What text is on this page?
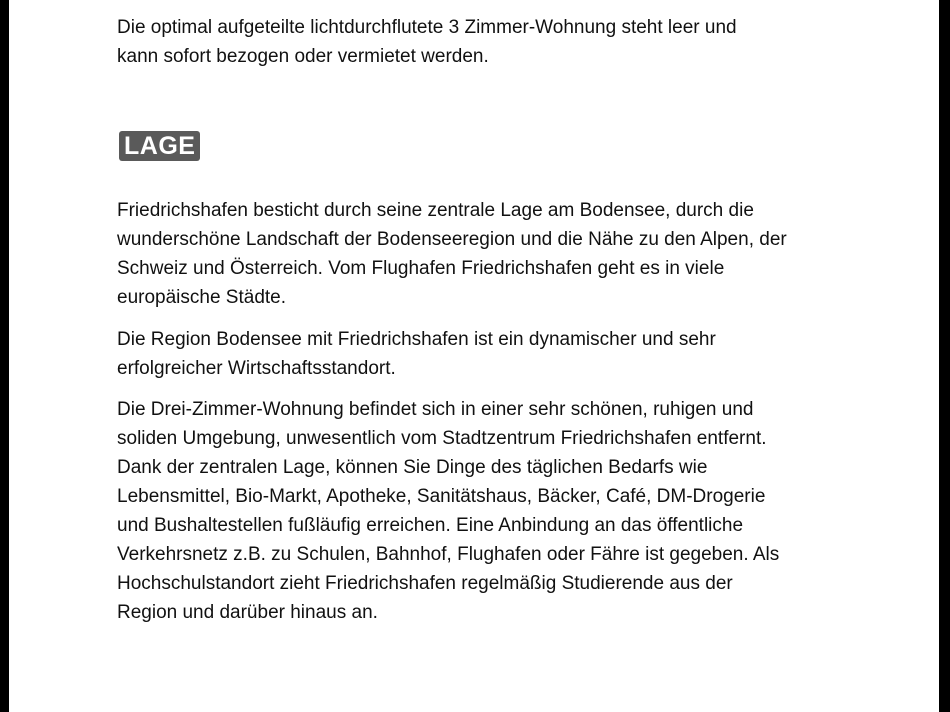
Die optimal aufgeteilte lichtdurchflutete 3 Zimmer-Wohnung steht leer und
kann sofort bezogen oder vermietet werden.

LAGE

Friedrichshafen besticht durch seine zentrale Lage am Bodensee, durch die
wunderschöne Landschaft der Bodenseeregion und die Nähe zu den Alpen, der
Schweiz und Österreich. Vom Flughafen Friedrichshafen geht es in viele
europäische Städte.

Die Region Bodensee mit Friedrichshafen ist ein dynamischer und sehr
erfolgreicher Wirtschaftsstandort.

Die Drei-Zimmer-Wohnung befindet sich in einer sehr schönen, ruhigen und
soliden Umgebung, unwesentlich vom Stadtzentrum Friedrichshafen entfernt.
Dank der zentralen Lage, können Sie Dinge des täglichen Bedarfs wie
Lebensmittel, Bio-Markt, Apotheke, Sanitätshaus, Bäcker, Café, DM-Drogerie
und Bushaltestellen fußläufig erreichen. Eine Anbindung an das öffentliche
Verkehrsnetz z.B. zu Schulen, Bahnhof, Flughafen oder Fähre ist gegeben. Als
Hochschulstandort zieht Friedrichshafen regelmäßig Studierende aus der
Region und darüber hinaus an.
